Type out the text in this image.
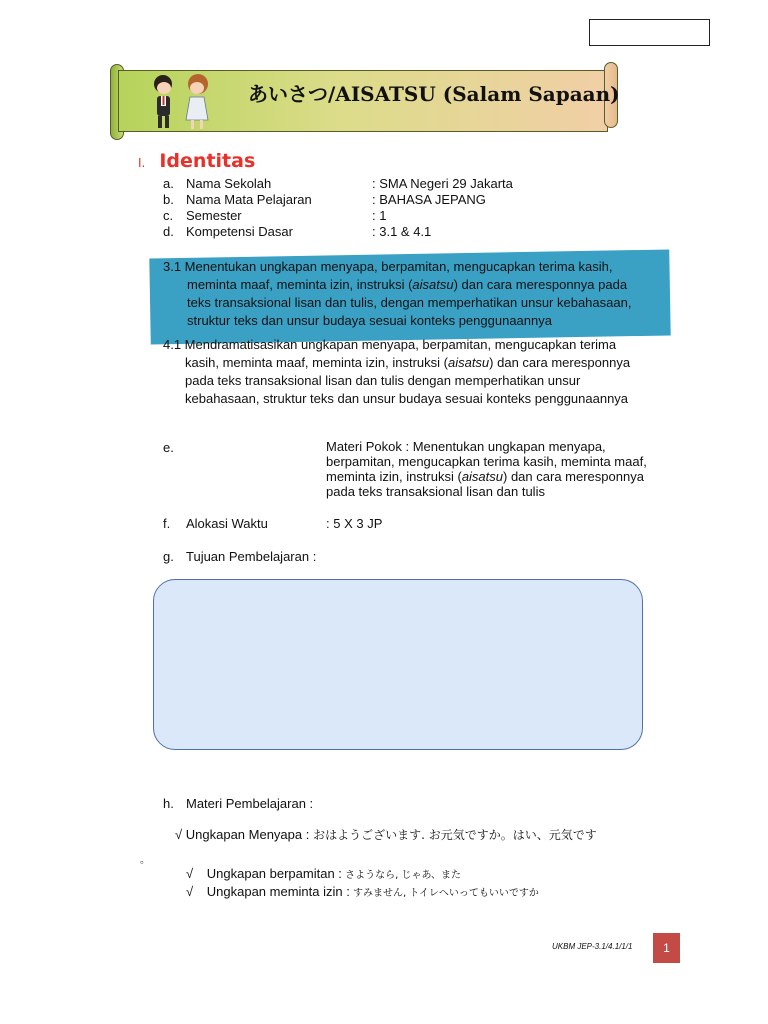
あいさつ/AISATSU (Salam Sapaan)
I. Identitas
a. Nama Sekolah	: SMA Negeri 29 Jakarta
b. Nama Mata Pelajaran	: BAHASA JEPANG
c. Semester	: 1
d. Kompetensi Dasar	: 3.1 & 4.1
3.1 Menentukan ungkapan menyapa, berpamitan, mengucapkan terima kasih,
meminta maaf, meminta izin, instruksi (aisatsu) dan cara meresponnya pada
teks transaksional lisan dan tulis, dengan memperhatikan unsur kebahasaan,
struktur teks dan unsur budaya sesuai konteks penggunaannya
4.1 Mendramatisasikan ungkapan menyapa, berpamitan, mengucapkan terima
kasih, meminta maaf, meminta izin, instruksi (aisatsu) dan cara meresponnya
pada teks transaksional lisan dan tulis dengan memperhatikan unsur
kebahasaan, struktur teks dan unsur budaya sesuai konteks penggunaannya
e.	Materi Pokok : Menentukan ungkapan menyapa,
berpamitan, mengucapkan terima kasih, meminta maaf,
meminta izin, instruksi (aisatsu) dan cara meresponnya
pada teks transaksional lisan dan tulis
f. Alokasi Waktu	: 5 X 3 JP
g. Tujuan Pembelajaran :
h. Materi Pembelajaran :
√ Ungkapan Menyapa : おはようございます. お元気ですか。はい、元気です
。
√ Ungkapan berpamitan : さようなら, じゃあ、また
√ Ungkapan meminta izin : すみません, トイレへいってもいいですか
UKBM JEP-3.1/4.1/1/1	1
